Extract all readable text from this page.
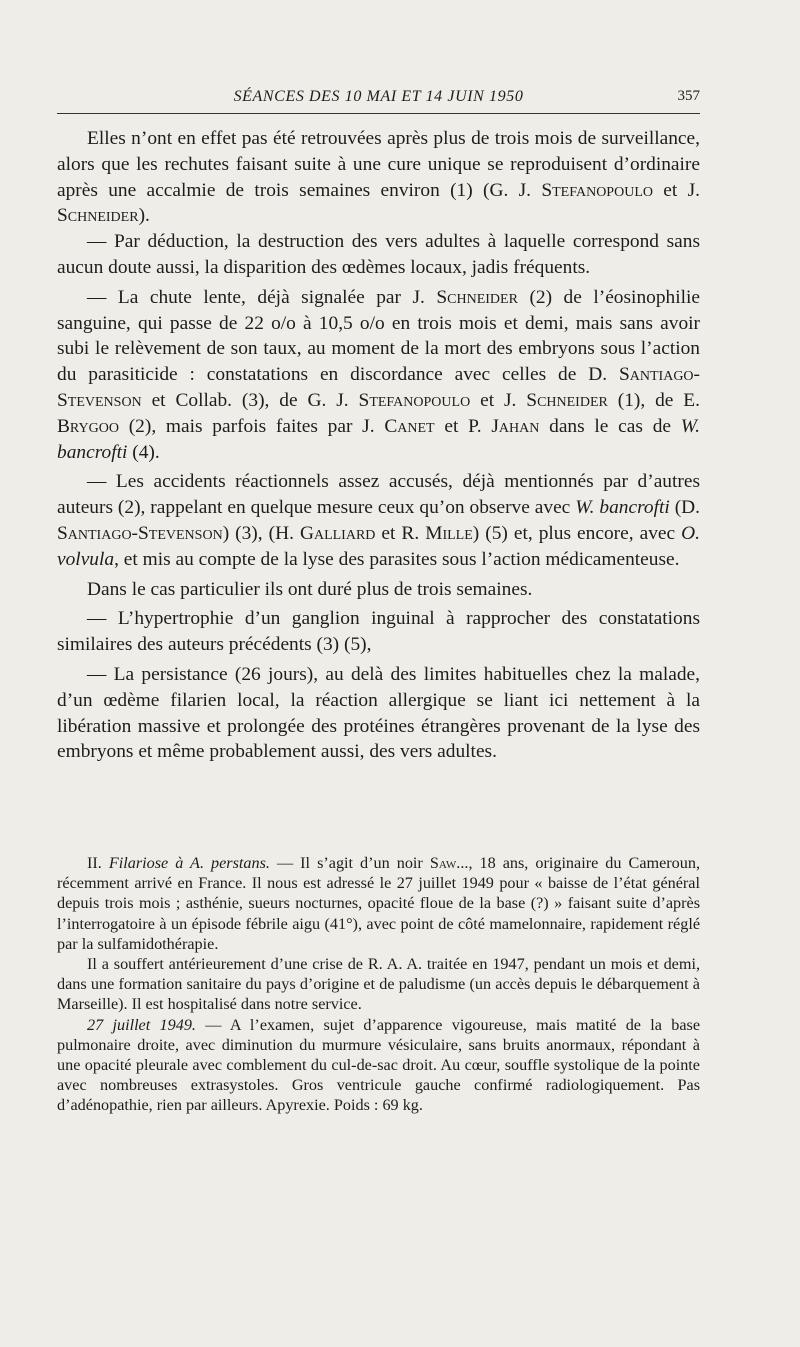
SÉANCES DES 10 MAI ET 14 JUIN 1950	357

Elles n’ont en effet pas été retrouvées après plus de trois mois de surveillance, alors que les rechutes faisant suite à une cure unique se reproduisent d’ordinaire après une accalmie de trois semaines environ (1) (G. J. Stefanopoulo et J. Schneider).

— Par déduction, la destruction des vers adultes à laquelle correspond sans aucun doute aussi, la disparition des œdèmes locaux, jadis fréquents.

— La chute lente, déjà signalée par J. Schneider (2) de l’éosinophilie sanguine, qui passe de 22 o/o à 10,5 o/o en trois mois et demi, mais sans avoir subi le relèvement de son taux, au moment de la mort des embryons sous l’action du parasiticide : constatations en discordance avec celles de D. Santiago-Stevenson et Collab. (3), de G. J. Stefanopoulo et J. Schneider (1), de E. Brygoo (2), mais parfois faites par J. Canet et P. Jahan dans le cas de W. bancrofti (4).

— Les accidents réactionnels assez accusés, déjà mentionnés par d’autres auteurs (2), rappelant en quelque mesure ceux qu’on observe avec W. bancrofti (D. Santiago-Stevenson) (3), (H. Galliard et R. Mille) (5) et, plus encore, avec O. volvula, et mis au compte de la lyse des parasites sous l’action médicamenteuse.

Dans le cas particulier ils ont duré plus de trois semaines.

— L’hypertrophie d’un ganglion inguinal à rapprocher des constatations similaires des auteurs précédents (3) (5),

— La persistance (26 jours), au delà des limites habituelles chez la malade, d’un œdème filarien local, la réaction allergique se liant ici nettement à la libération massive et prolongée des protéines étrangères provenant de la lyse des embryons et même probablement aussi, des vers adultes.

II. Filariose à A. perstans. — Il s’agit d’un noir Saw..., 18 ans, originaire du Cameroun, récemment arrivé en France. Il nous est adressé le 27 juillet 1949 pour « baisse de l’état général depuis trois mois ; asthénie, sueurs nocturnes, opacité floue de la base (?) » faisant suite d’après l’interrogatoire à un épisode fébrile aigu (41°), avec point de côté mamelonnaire, rapidement réglé par la sulfamidothérapie.

Il a souffert antérieurement d’une crise de R. A. A. traitée en 1947, pendant un mois et demi, dans une formation sanitaire du pays d’origine et de paludisme (un accès depuis le débarquement à Marseille). Il est hospitalisé dans notre service.

27 juillet 1949. — A l’examen, sujet d’apparence vigoureuse, mais matité de la base pulmonaire droite, avec diminution du murmure vésiculaire, sans bruits anormaux, répondant à une opacité pleurale avec comblement du cul-de-sac droit. Au cœur, souffle systolique de la pointe avec nombreuses extrasystoles. Gros ventricule gauche confirmé radiologiquement. Pas d’adénopathie, rien par ailleurs. Apyrexie. Poids : 69 kg.
